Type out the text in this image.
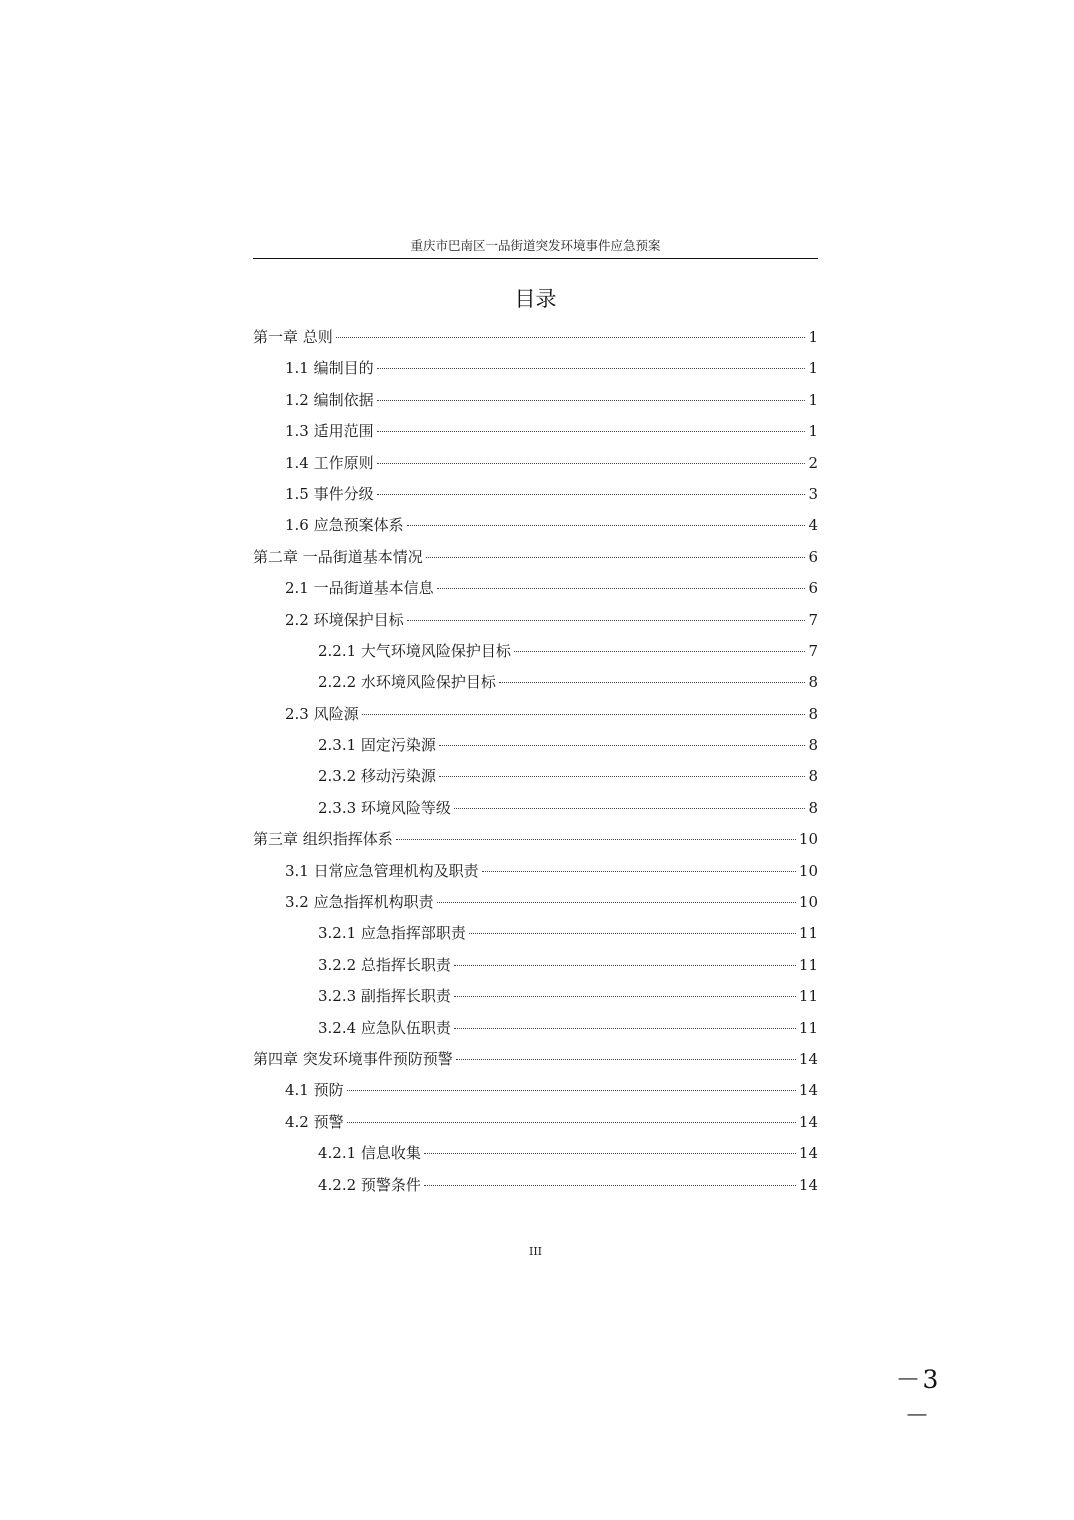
重庆市巴南区一品街道突发环境事件应急预案
目录
第一章 总则	1
1.1 编制目的	1
1.2 编制依据	1
1.3 适用范围	1
1.4 工作原则	2
1.5 事件分级	3
1.6 应急预案体系	4
第二章 一品街道基本情况	6
2.1 一品街道基本信息	6
2.2 环境保护目标	7
2.2.1 大气环境风险保护目标	7
2.2.2 水环境风险保护目标	8
2.3 风险源	8
2.3.1 固定污染源	8
2.3.2 移动污染源	8
2.3.3 环境风险等级	8
第三章 组织指挥体系	10
3.1 日常应急管理机构及职责	10
3.2 应急指挥机构职责	10
3.2.1 应急指挥部职责	11
3.2.2 总指挥长职责	11
3.2.3 副指挥长职责	11
3.2.4 应急队伍职责	11
第四章 突发环境事件预防预警	14
4.1 预防	14
4.2 预警	14
4.2.1 信息收集	14
4.2.2 预警条件	14
III
－3－
